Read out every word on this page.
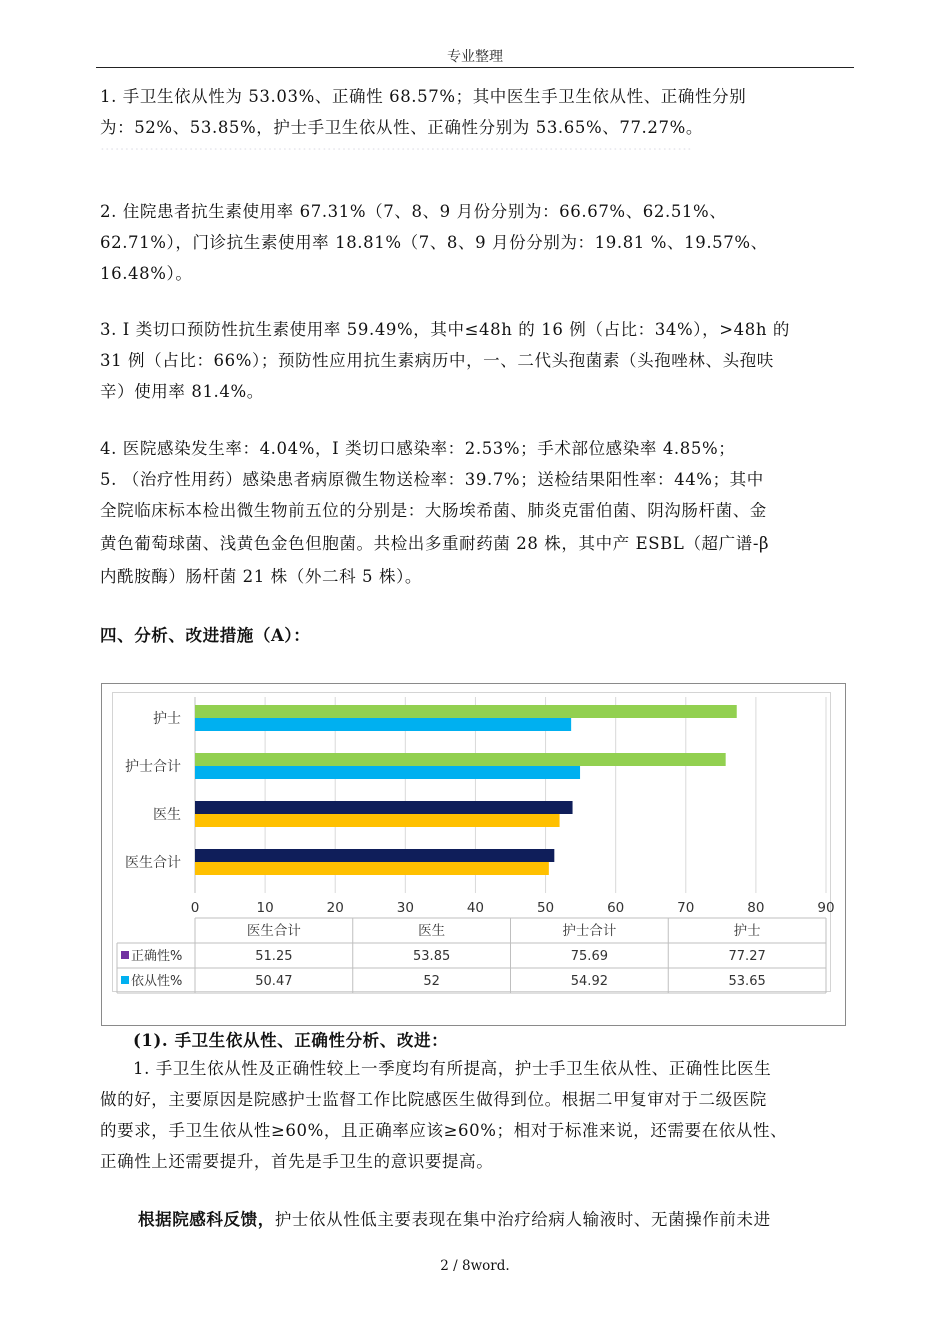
专业整理

1. 手卫生依从性为 53.03%、正确性 68.57%；其中医生手卫生依从性、正确性分别

为：52%、53.85%，护士手卫生依从性、正确性分别为 53.65%、77.27%。

…………………………………………………………………………………………………………

2. 住院患者抗生素使用率 67.31%（7、8、9 月份分别为：66.67%、62.51%、

62.71%），门诊抗生素使用率 18.81%（7、8、9 月份分别为：19.81 %、19.57%、

16.48%）。

3. I 类切口预防性抗生素使用率 59.49%，其中≤48h 的 16 例（占比：34%），>48h 的

31 例（占比：66%）；预防性应用抗生素病历中，一、二代头孢菌素（头孢唑林、头孢呋

辛）使用率 81.4%。

4. 医院感染发生率：4.04%，I 类切口感染率：2.53%；手术部位感染率 4.85%；

5. （治疗性用药）感染患者病原微生物送检率：39.7%；送检结果阳性率：44%；其中

全院临床标本检出微生物前五位的分别是：大肠埃希菌、肺炎克雷伯菌、阴沟肠杆菌、金

黄色葡萄球菌、浅黄色金色但胞菌。共检出多重耐药菌 28 株，其中产 ESBL（超广谱-β

内酰胺酶）肠杆菌 21 株（外二科 5 株）。

四、分析、改进措施（A）：

护士
护士合计
医生
医生合计
0	10	20	30	40	50	60	70	80	90
医生合计	医生	护士合计	护士
正确性%	51.25	53.85	75.69	77.27
依从性%	50.47	52	54.92	53.65

(1). 手卫生依从性、正确性分析、改进：

1. 手卫生依从性及正确性较上一季度均有所提高，护士手卫生依从性、正确性比医生

做的好，主要原因是院感护士监督工作比院感医生做得到位。根据二甲复审对于二级医院

的要求，手卫生依从性≥60%，且正确率应该≥60%；相对于标准来说，还需要在依从性、

正确性上还需要提升，首先是手卫生的意识要提高。

根据院感科反馈，护士依从性低主要表现在集中治疗给病人输液时、无菌操作前未进

2 / 8word.
